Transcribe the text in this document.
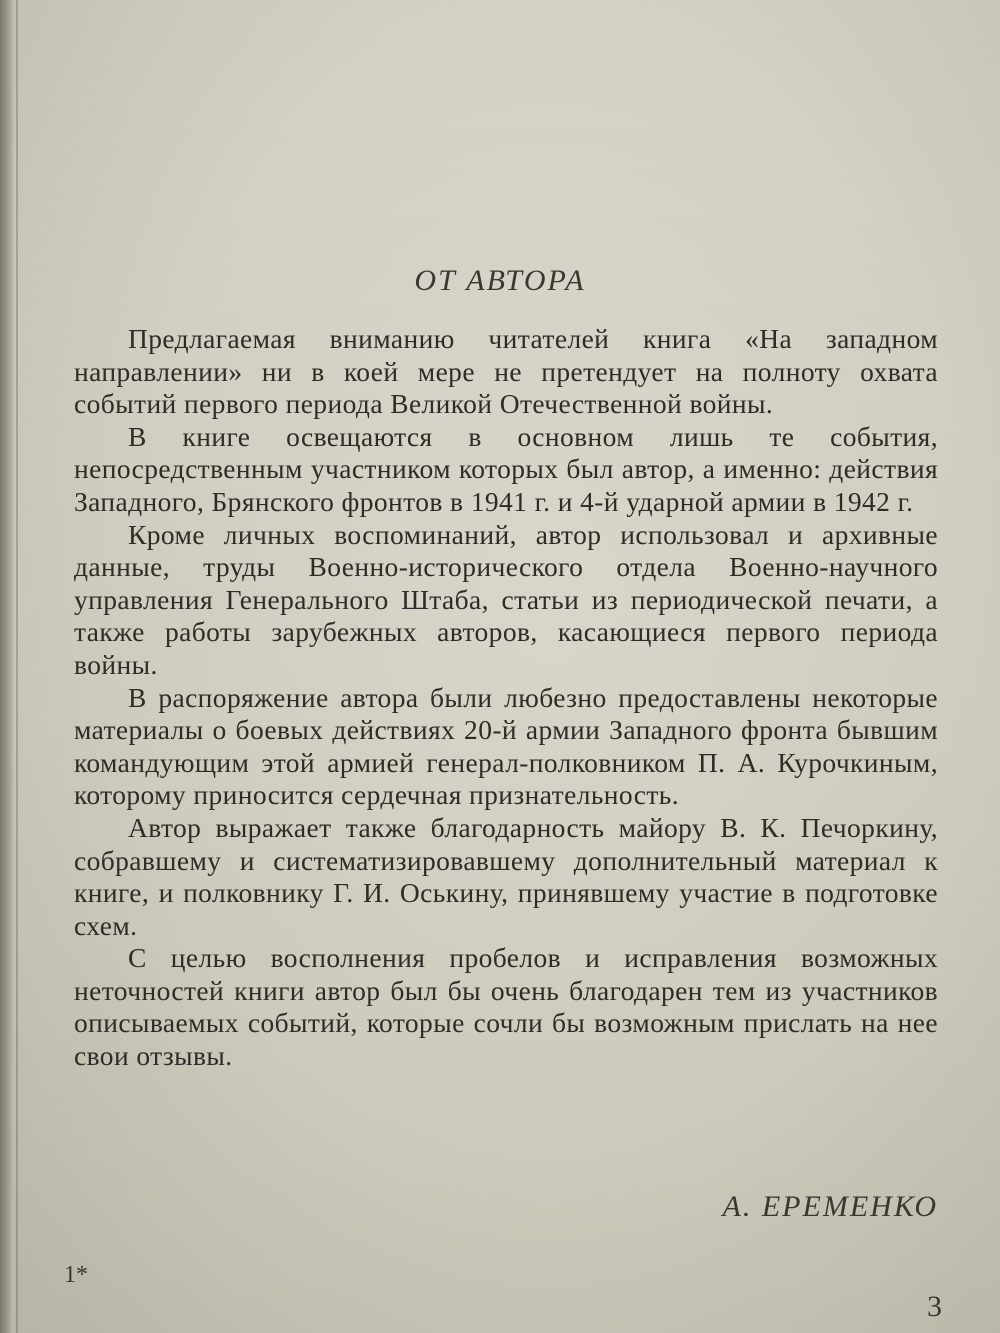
ОТ АВТОРА

Предлагаемая вниманию читателей книга «На западном направлении» ни в коей мере не претендует на полноту охвата событий первого периода Великой Отечественной войны.

В книге освещаются в основном лишь те события, непосредственным участником которых был автор, а именно: действия Западного, Брянского фронтов в 1941 г. и 4-й ударной армии в 1942 г.

Кроме личных воспоминаний, автор использовал и архивные данные, труды Военно-исторического отдела Военно-научного управления Генерального Штаба, статьи из периодической печати, а также работы зарубежных авторов, касающиеся первого периода войны.

В распоряжение автора были любезно предоставлены некоторые материалы о боевых действиях 20-й армии Западного фронта бывшим командующим этой армией генерал-полковником П. А. Курочкиным, которому приносится сердечная признательность.

Автор выражает также благодарность майору В. К. Печоркину, собравшему и систематизировавшему дополнительный материал к книге, и полковнику Г. И. Оськину, принявшему участие в подготовке схем.

С целью восполнения пробелов и исправления возможных неточностей книги автор был бы очень благодарен тем из участников описываемых событий, которые сочли бы возможным прислать на нее свои отзывы.

А. ЕРЕМЕНКО
1*
3
